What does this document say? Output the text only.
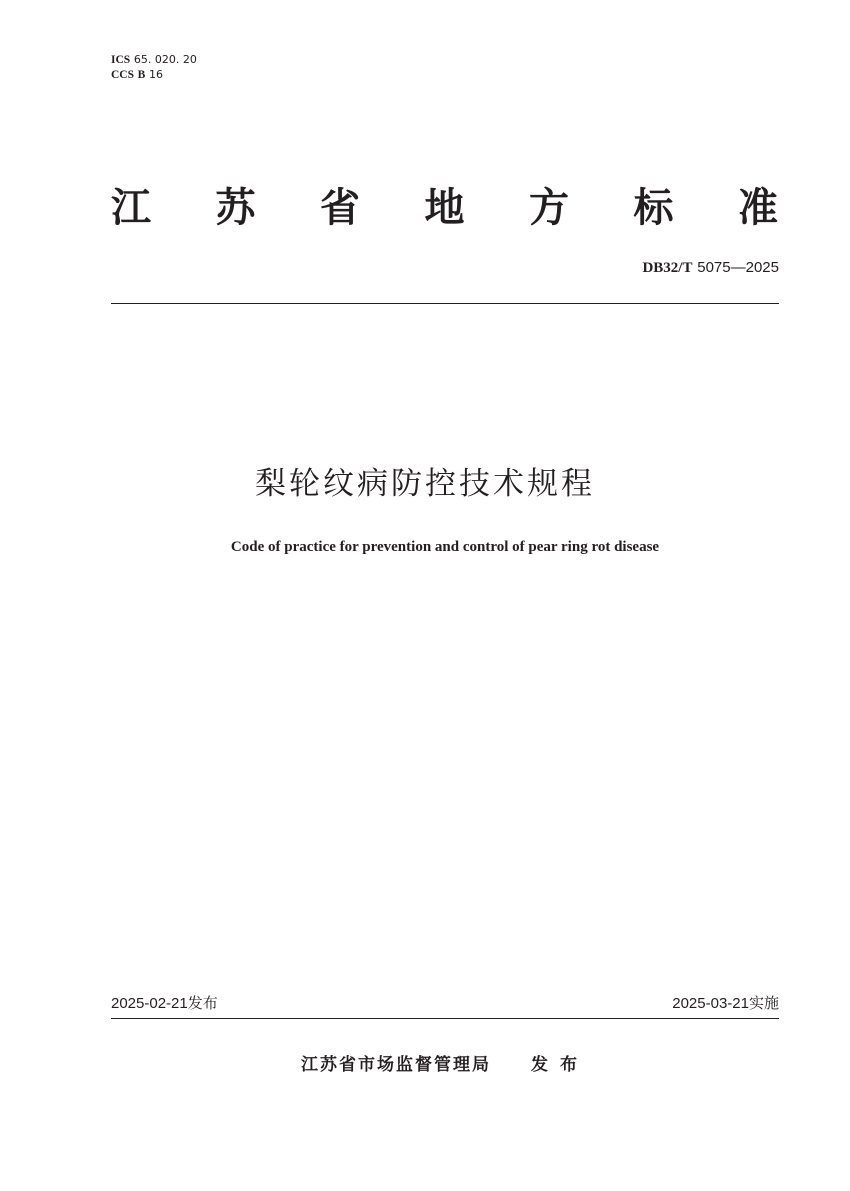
ICS 65. 020. 20
CCS B 16
江 苏 省 地 方 标 准
DB32/T 5075—2025
梨轮纹病防控技术规程
Code of practice for prevention and control of pear ring rot disease
2025-02-21发布	2025-03-21实施
江苏省市场监督管理局 发布
